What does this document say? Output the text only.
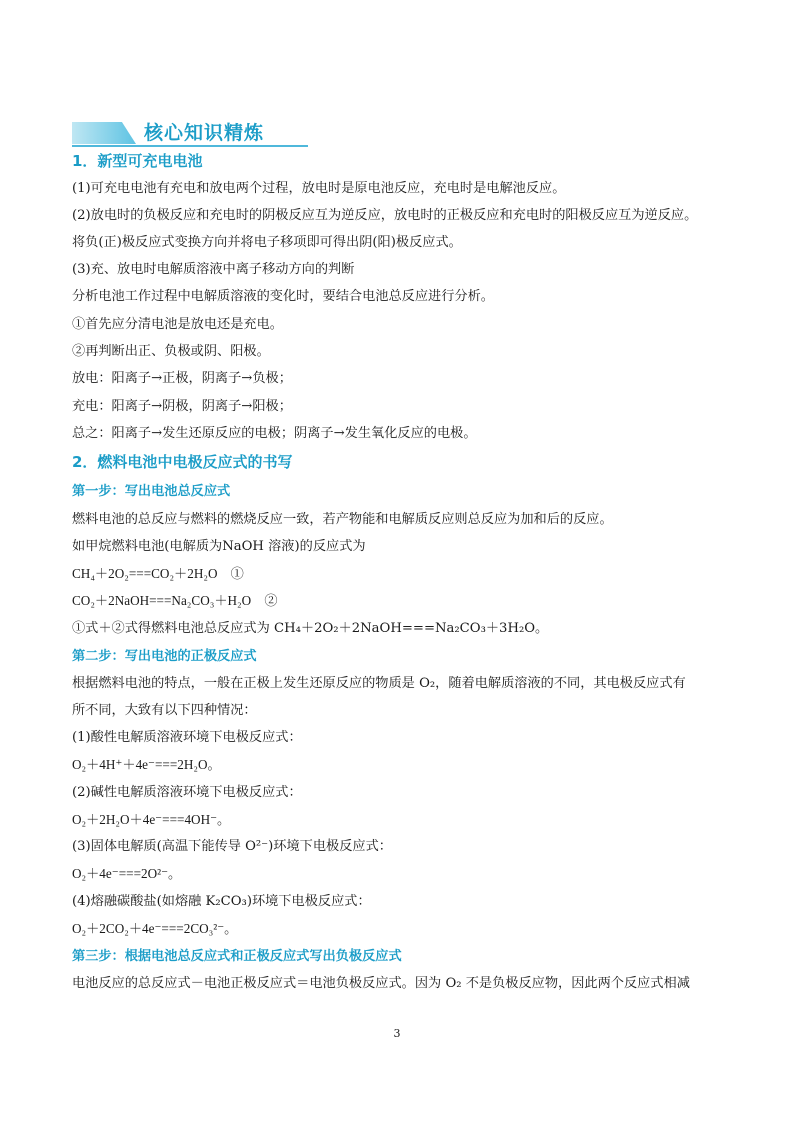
核心知识精炼
1．新型可充电电池
(1)可充电电池有充电和放电两个过程，放电时是原电池反应，充电时是电解池反应。
(2)放电时的负极反应和充电时的阴极反应互为逆反应，放电时的正极反应和充电时的阳极反应互为逆反应。
将负(正)极反应式变换方向并将电子移项即可得出阴(阳)极反应式。
(3)充、放电时电解质溶液中离子移动方向的判断
分析电池工作过程中电解质溶液的变化时，要结合电池总反应进行分析。
①首先应分清电池是放电还是充电。
②再判断出正、负极或阴、阳极。
放电：阳离子→正极，阴离子→负极；
充电：阳离子→阴极，阴离子→阳极；
总之：阳离子→发生还原反应的电极；阴离子→发生氧化反应的电极。
2．燃料电池中电极反应式的书写
第一步：写出电池总反应式
燃料电池的总反应与燃料的燃烧反应一致，若产物能和电解质反应则总反应为加和后的反应。
如甲烷燃料电池(电解质为NaOH 溶液)的反应式为
CH₄＋2O₂===CO₂＋2H₂O　①
CO₂＋2NaOH===Na₂CO₃＋H₂O　②
①式＋②式得燃料电池总反应式为 CH₄＋2O₂＋2NaOH===Na₂CO₃＋3H₂O。
第二步：写出电池的正极反应式
根据燃料电池的特点，一般在正极上发生还原反应的物质是 O₂，随着电解质溶液的不同，其电极反应式有
所不同，大致有以下四种情况：
(1)酸性电解质溶液环境下电极反应式：
O₂＋4H⁺＋4e⁻===2H₂O。
(2)碱性电解质溶液环境下电极反应式：
O₂＋2H₂O＋4e⁻===4OH⁻。
(3)固体电解质(高温下能传导 O²⁻)环境下电极反应式：
O₂＋4e⁻===2O²⁻。
(4)熔融碳酸盐(如熔融 K₂CO₃)环境下电极反应式：
O₂＋2CO₂＋4e⁻===2CO₃²⁻。
第三步：根据电池总反应式和正极反应式写出负极反应式
电池反应的总反应式－电池正极反应式＝电池负极反应式。因为 O₂ 不是负极反应物，因此两个反应式相减
3
